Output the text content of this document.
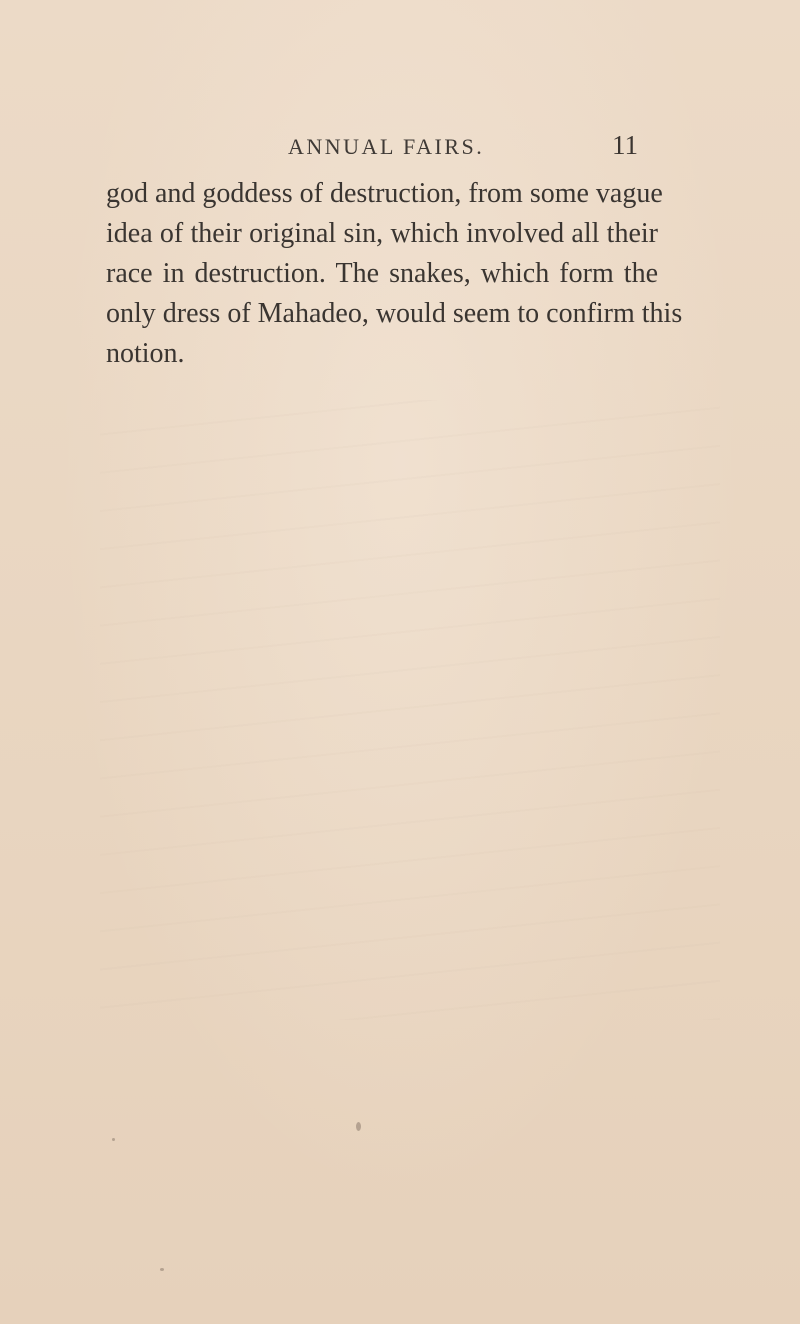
ANNUAL FAIRS.	11
god and goddess of destruction, from some vague
idea of their original sin, which involved all their
race in destruction. The snakes, which form the
only dress of Mahadeo, would seem to confirm this
notion.
